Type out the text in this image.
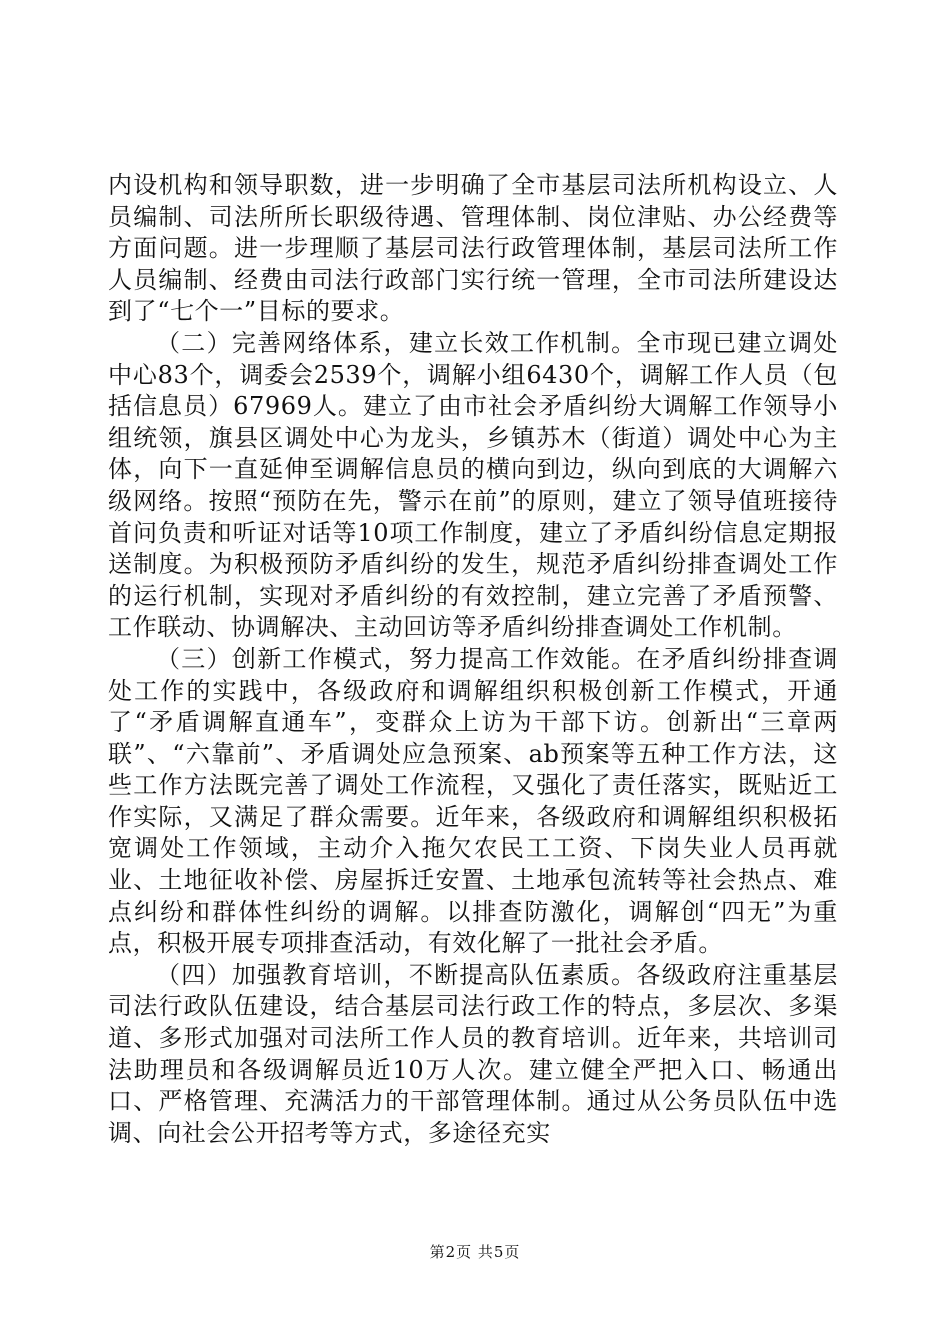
内设机构和领导职数，进一步明确了全市基层司法所机构设立、人员编制、司法所所长职级待遇、管理体制、岗位津贴、办公经费等方面问题。进一步理顺了基层司法行政管理体制，基层司法所工作人员编制、经费由司法行政部门实行统一管理，全市司法所建设达到了“七个一”目标的要求。

（二）完善网络体系，建立长效工作机制。全市现已建立调处中心83个，调委会2539个，调解小组6430个，调解工作人员（包括信息员）67969人。建立了由市社会矛盾纠纷大调解工作领导小组统领，旗县区调处中心为龙头，乡镇苏木（街道）调处中心为主体，向下一直延伸至调解信息员的横向到边，纵向到底的大调解六级网络。按照“预防在先，警示在前”的原则，建立了领导值班接待首问负责和听证对话等10项工作制度，建立了矛盾纠纷信息定期报送制度。为积极预防矛盾纠纷的发生，规范矛盾纠纷排查调处工作的运行机制，实现对矛盾纠纷的有效控制，建立完善了矛盾预警、工作联动、协调解决、主动回访等矛盾纠纷排查调处工作机制。

（三）创新工作模式，努力提高工作效能。在矛盾纠纷排查调处工作的实践中，各级政府和调解组织积极创新工作模式，开通了“矛盾调解直通车”，变群众上访为干部下访。创新出“三章两联”、“六靠前”、矛盾调处应急预案、ab预案等五种工作方法，这些工作方法既完善了调处工作流程，又强化了责任落实，既贴近工作实际，又满足了群众需要。近年来，各级政府和调解组织积极拓宽调处工作领域，主动介入拖欠农民工工资、下岗失业人员再就业、土地征收补偿、房屋拆迁安置、土地承包流转等社会热点、难点纠纷和群体性纠纷的调解。以排查防激化，调解创“四无”为重点，积极开展专项排查活动，有效化解了一批社会矛盾。

（四）加强教育培训，不断提高队伍素质。各级政府注重基层司法行政队伍建设，结合基层司法行政工作的特点，多层次、多渠道、多形式加强对司法所工作人员的教育培训。近年来，共培训司法助理员和各级调解员近10万人次。建立健全严把入口、畅通出口、严格管理、充满活力的干部管理体制。通过从公务员队伍中选调、向社会公开招考等方式，多途径充实

第2页 共5页
